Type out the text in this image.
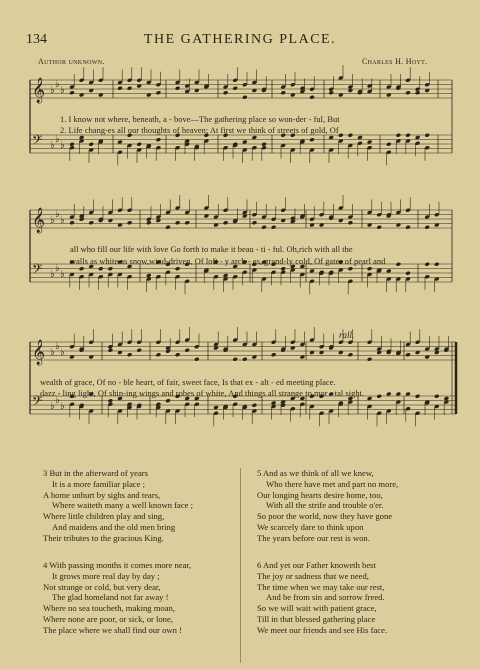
134	THE GATHERING PLACE.
Author unknown.	Charles H. Hoyt.
𝄞 ♭
♭
♭
𝄢 ♭
♭
♭
𝄞 ♭
♭
♭
𝄢 ♭
♭
♭
𝄞 ♭
♭
♭
𝄢 ♭
♭
♭
1. I know not where, beneath, a - bove—The gathering place so won-der - ful, But
2. Life chang-es all our thoughts of heaven; At first we think of streets of gold, Of
all who fill our life with love Go forth to make it beau - ti - ful. Oh,rich with all the
walls as white as snow,wind-driven, Of loft - y arch - es, grand-ly cold, Of gates of pearl and
wealth of grace, Of no - ble heart, of fair, sweet face, Is that ex - alt - ed meeting place.
dazz - ling light, Of shin-ing wings and robes of white, And things all strange to mor - tal sight.
rall.
3 But in the afterward of years
It is a more familiar place ;
A home unhurt by sighs and tears,
Where waiteth many a well known face ;
Where little children play and sing,
And maidens and the old men bring
Their tributes to the gracious King.
4 With passing months it comes more near,
It grows more real day by day ;
Not strange or cold, but very dear,
The glad homeland not far away !
Where no sea toucheth, making moan,
Where none are poor, or sick, or lone,
The place where we shall find our own !
5 And as we think of all we knew,
Who there have met and part no more,
Our longing hearts desire home, too,
With all the strife and trouble o'er.
So poor the world, now they have gone
We scarcely dare to think upon
The years before our rest is won.
6 And yet our Father knoweth best
The joy or sadness that we need,
The time when we may take our rest,
And be from sin and sorrow freed.
So we will wait with patient grace,
Till in that blessed gathering place
We meet our friends and see His face.
